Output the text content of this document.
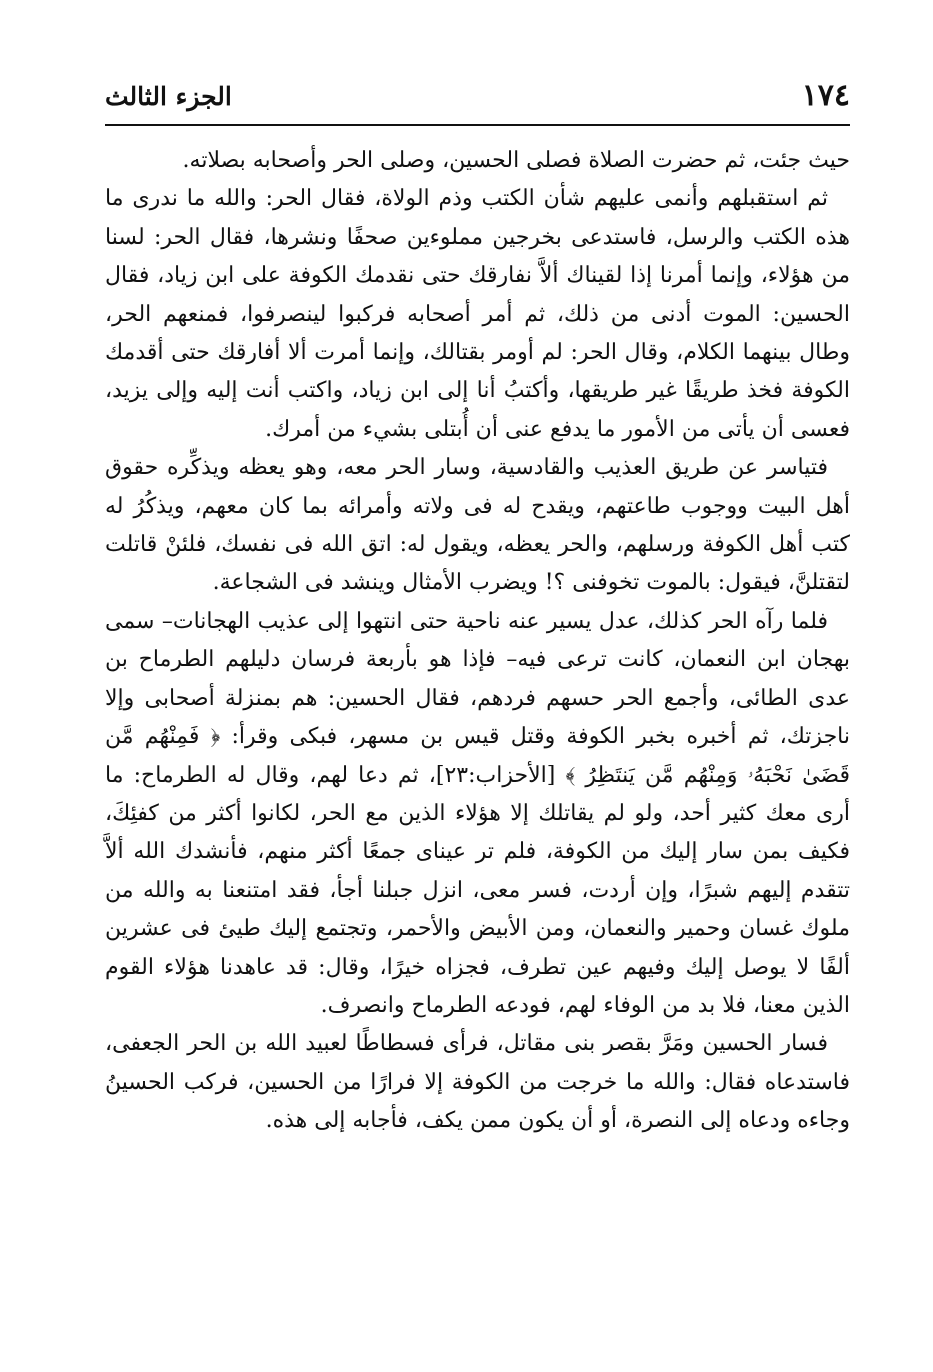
١٧٤
الجزء الثالث

حيث جئت، ثم حضرت الصلاة فصلى الحسين، وصلى الحر وأصحابه بصلاته.

ثم استقبلهم وأنمى عليهم شأن الكتب وذم الولاة، فقال الحر: والله ما ندرى ما هذه الكتب والرسل، فاستدعى بخرجين مملوءين صحفًا ونشرها، فقال الحر: لسنا من هؤلاء، وإنما أمرنا إذا لقيناك ألاَّ نفارقك حتى نقدمك الكوفة على ابن زياد، فقال الحسين: الموت أدنى من ذلك، ثم أمر أصحابه فركبوا لينصرفوا، فمنعهم الحر، وطال بينهما الكلام، وقال الحر: لم أومر بقتالك، وإنما أمرت ألا أفارقك حتى أقدمك الكوفة فخذ طريقًا غير طريقها، وأكتبُ أنا إلى ابن زياد، واكتب أنت إليه وإلى يزيد، فعسى أن يأتى من الأمور ما يدفع عنى أن أُبتلى بشيء من أمرك.

فتياسر عن طريق العذيب والقادسية، وسار الحر معه، وهو يعظه ويذكِّره حقوق أهل البيت ووجوب طاعتهم، ويقدح له فى ولاته وأمرائه بما كان معهم، ويذكُرُ له كتب أهل الكوفة ورسلهم، والحر يعظه، ويقول له: اتق الله فى نفسك، فلئنْ قاتلت لتقتلنَّ، فيقول: بالموت تخوفنى ؟! ويضرب الأمثال وينشد فى الشجاعة.

فلما رآه الحر كذلك، عدل يسير عنه ناحية حتى انتهوا إلى عذيب الهجانات– سمى بهجان ابن النعمان، كانت ترعى فيه– فإذا هو بأربعة فرسان دليلهم الطرماح بن عدى الطائى، وأجمع الحر حسهم فردهم، فقال الحسين: هم بمنزلة أصحابى وإلا ناجزتك، ثم أخبره بخبر الكوفة وقتل قيس بن مسهر، فبكى وقرأ: ﴿ فَمِنْهُم مَّن قَضَىٰ نَحْبَهُۥ وَمِنْهُم مَّن يَنتَظِرُ ﴾ [الأحزاب:٢٣]، ثم دعا لهم، وقال له الطرماح: ما أرى معك كثير أحد، ولو لم يقاتلك إلا هؤلاء الذين مع الحر، لكانوا أكثر من كفئِكَ، فكيف بمن سار إليك من الكوفة، فلم تر عيناى جمعًا أكثر منهم، فأنشدك الله ألاَّ تتقدم إليهم شبرًا، وإن أردت، فسر معى، انزل جبلنا أجأ، فقد امتنعنا به والله من ملوك غسان وحمير والنعمان، ومن الأبيض والأحمر، وتجتمع إليك طيئ فى عشرين ألفًا لا يوصل إليك وفيهم عين تطرف، فجزاه خيرًا، وقال: قد عاهدنا هؤلاء القوم الذين معنا، فلا بد من الوفاء لهم، فودعه الطرماح وانصرف.

فسار الحسين ومَرَّ بقصر بنى مقاتل، فرأى فسطاطًا لعبيد الله بن الحر الجعفى، فاستدعاه فقال: والله ما خرجت من الكوفة إلا فرارًا من الحسين، فركب الحسينُ وجاءه ودعاه إلى النصرة، أو أن يكون ممن يكف، فأجابه إلى هذه.
